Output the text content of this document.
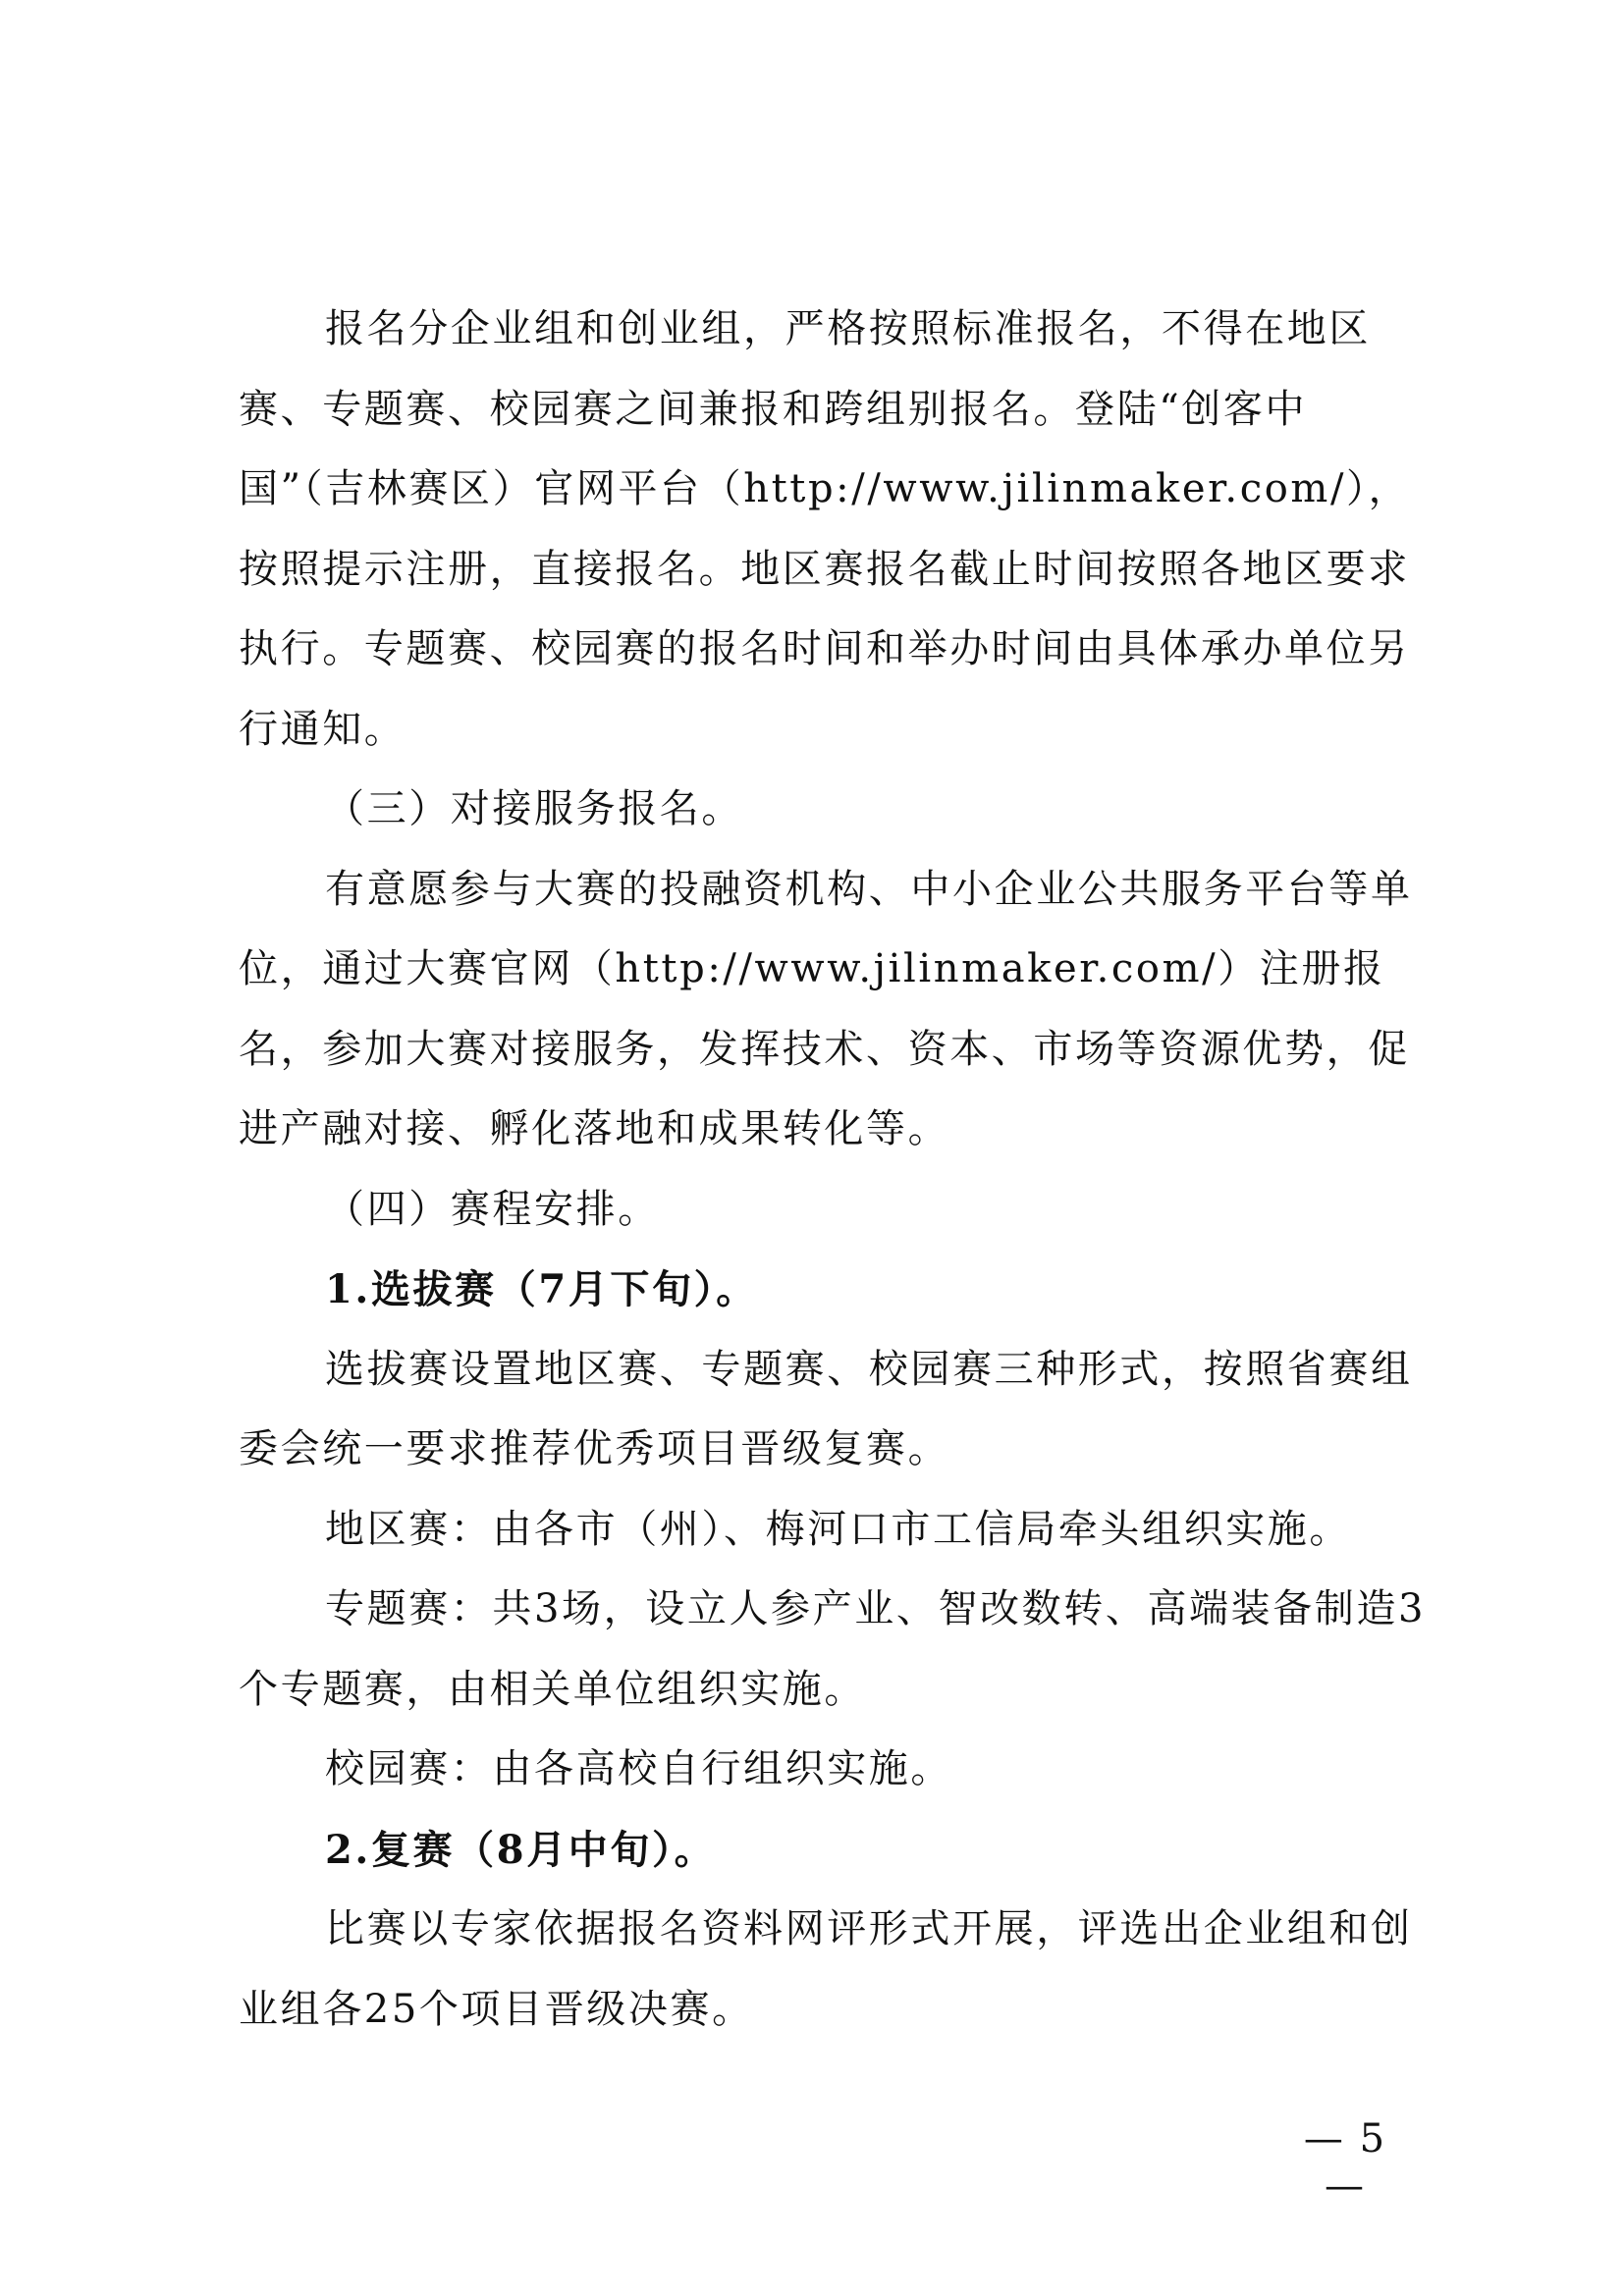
报名分企业组和创业组，严格按照标准报名，不得在地区赛、专题赛、校园赛之间兼报和跨组别报名。登陆“创客中国”（吉林赛区）官网平台（http://www.jilinmaker.com/），按照提示注册，直接报名。地区赛报名截止时间按照各地区要求执行。专题赛、校园赛的报名时间和举办时间由具体承办单位另行通知。

（三）对接服务报名。

有意愿参与大赛的投融资机构、中小企业公共服务平台等单位，通过大赛官网（http://www.jilinmaker.com/）注册报名，参加大赛对接服务，发挥技术、资本、市场等资源优势，促进产融对接、孵化落地和成果转化等。

（四）赛程安排。

1.选拔赛（7月下旬）。

选拔赛设置地区赛、专题赛、校园赛三种形式，按照省赛组委会统一要求推荐优秀项目晋级复赛。

地区赛：由各市（州）、梅河口市工信局牵头组织实施。

专题赛：共3场，设立人参产业、智改数转、高端装备制造3个专题赛，由相关单位组织实施。

校园赛：由各高校自行组织实施。

2.复赛（8月中旬）。

比赛以专家依据报名资料网评形式开展，评选出企业组和创业组各25个项目晋级决赛。

— 5 —
